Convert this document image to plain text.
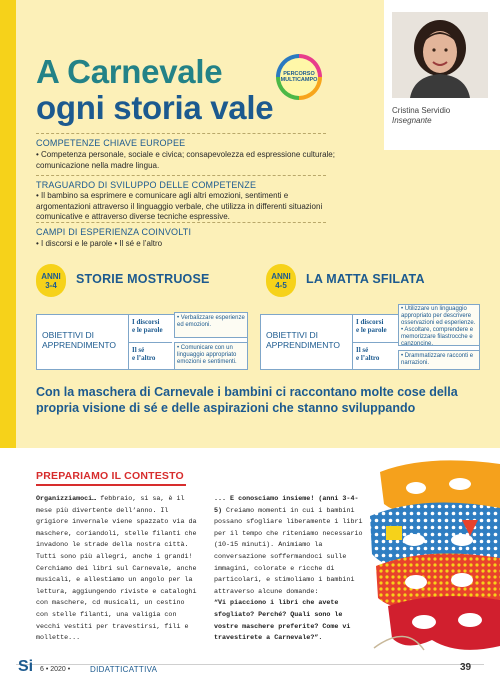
A Carnevale
ogni storia vale
PERCORSO
MULTICAMPO
Cristina Servidio
Insegnante
COMPETENZE CHIAVE EUROPEE
• Competenza personale, sociale e civica; consapevolezza ed espressione culturale; comunicazione nella madre lingua.
TRAGUARDO DI SVILUPPO DELLE COMPETENZE
• Il bambino sa esprimere e comunicare agli altri emozioni, sentimenti e argomentazioni attraverso il linguaggio verbale, che utilizza in differenti situazioni comunicative e attraverso diverse tecniche espressive.
CAMPI DI ESPERIENZA COINVOLTI
• I discorsi e le parole • Il sé e l’altro
ANNI
3-4 STORIE MOSTRUOSE
OBIETTIVI DI
APPRENDIMENTO
I discorsi
e le parole
Il sé
e l’altro
• Verbalizzare esperienze ed emozioni.
• Comunicare con un linguaggio appropriato emozioni e sentimenti.
ANNI
4-5 LA MATTA SFILATA
OBIETTIVI DI
APPRENDIMENTO
I discorsi
e le parole
Il sé
e l’altro
• Utilizzare un linguaggio appropriato per descrivere osservazioni ed esperienze.
• Ascoltare, comprendere e memorizzare filastrocche e canzoncine.
• Drammatizzare racconti e narrazioni.

Con la maschera di Carnevale i bambini ci raccontano molte cose della propria visione di sé e delle aspirazioni che stanno sviluppando

PREPARIAMO IL CONTESTO

Organizziamoci… febbraio, si sa, è il mese più divertente dell’anno. Il grigiore invernale viene spazzato via da maschere, coriandoli, stelle filanti che invadono le strade della nostra città. Tutti sono più allegri, anche i grandi!

Cerchiamo dei libri sul Carnevale, anche musicali, e allestiamo un angolo per la lettura, aggiungendo riviste e cataloghi con maschere, cd musicali, un cestino con stelle filanti, una valigia con vecchi vestiti per travestirsi, fili e mollette...

... E conosciamo insieme! (anni 3-4-5) Creiamo momenti in cui i bambini possano sfogliare liberamente i libri per il tempo che riteniamo necessario (10-15 minuti). Animiamo la conversazione soffermandoci sulle immagini, colorate e ricche di particolari, e stimoliamo i bambini attraverso alcune domande:

“Vi piacciono i libri che avete sfogliato? Perché? Quali sono le vostre maschere preferite? Come vi travestirete a Carnevale?”.

Si 6 • 2020 • DIDATTICATTIVA	39
